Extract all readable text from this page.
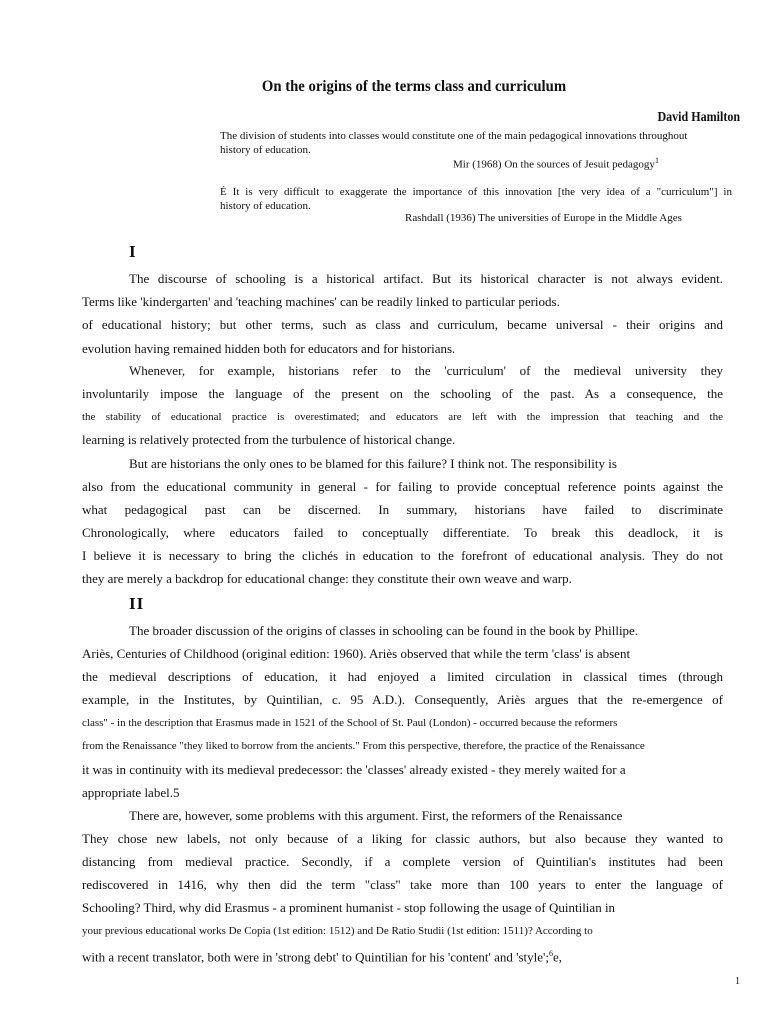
On the origins of the terms class and curriculum
David Hamilton
The division of students into classes would constitute one of the main pedagogical innovations throughout
history of education.
Mir (1968) On the sources of Jesuit pedagogy$^1$
É It is very difficult to exaggerate the importance of this innovation [the very idea of a "curriculum"] in
history of education.
Rashdall (1936) The universities of Europe in the Middle Ages
I
The discourse of schooling is a historical artifact. But its historical character is not always evident.
Terms like 'kindergarten' and 'teaching machines' can be readily linked to particular periods.
of educational history; but other terms, such as class and curriculum, became universal - their origins and
evolution having remained hidden both for educators and for historians.
Whenever, for example, historians refer to the 'curriculum' of the medieval university they
involuntarily impose the language of the present on the schooling of the past. As a consequence, the
the stability of educational practice is overestimated; and educators are left with the impression that teaching and the
learning is relatively protected from the turbulence of historical change.
But are historians the only ones to be blamed for this failure? I think not. The responsibility is
also from the educational community in general - for failing to provide conceptual reference points against the
what pedagogical past can be discerned. In summary, historians have failed to discriminate
Chronologically, where educators failed to conceptually differentiate. To break this deadlock, it is
I believe it is necessary to bring the clichés in education to the forefront of educational analysis. They do not
they are merely a backdrop for educational change: they constitute their own weave and warp.
II
The broader discussion of the origins of classes in schooling can be found in the book by Phillipe.
Ariès, Centuries of Childhood (original edition: 1960). Ariès observed that while the term 'class' is absent
the medieval descriptions of education, it had enjoyed a limited circulation in classical times (through
example, in the Institutes, by Quintilian, c. 95 A.D.). Consequently, Ariès argues that the re-emergence of
class" - in the description that Erasmus made in 1521 of the School of St. Paul (London) - occurred because the reformers
from the Renaissance "they liked to borrow from the ancients." From this perspective, therefore, the practice of the Renaissance
it was in continuity with its medieval predecessor: the 'classes' already existed - they merely waited for a
appropriate label.5
There are, however, some problems with this argument. First, the reformers of the Renaissance
They chose new labels, not only because of a liking for classic authors, but also because they wanted to
distancing from medieval practice. Secondly, if a complete version of Quintilian's institutes had been
rediscovered in 1416, why then did the term "class" take more than 100 years to enter the language of
Schooling? Third, why did Erasmus - a prominent humanist - stop following the usage of Quintilian in
your previous educational works De Copia (1st edition: 1512) and De Ratio Studii (1st edition: 1511)? According to
with a recent translator, both were in 'strong debt' to Quintilian for his 'content' and 'style';$^6$e,
1
